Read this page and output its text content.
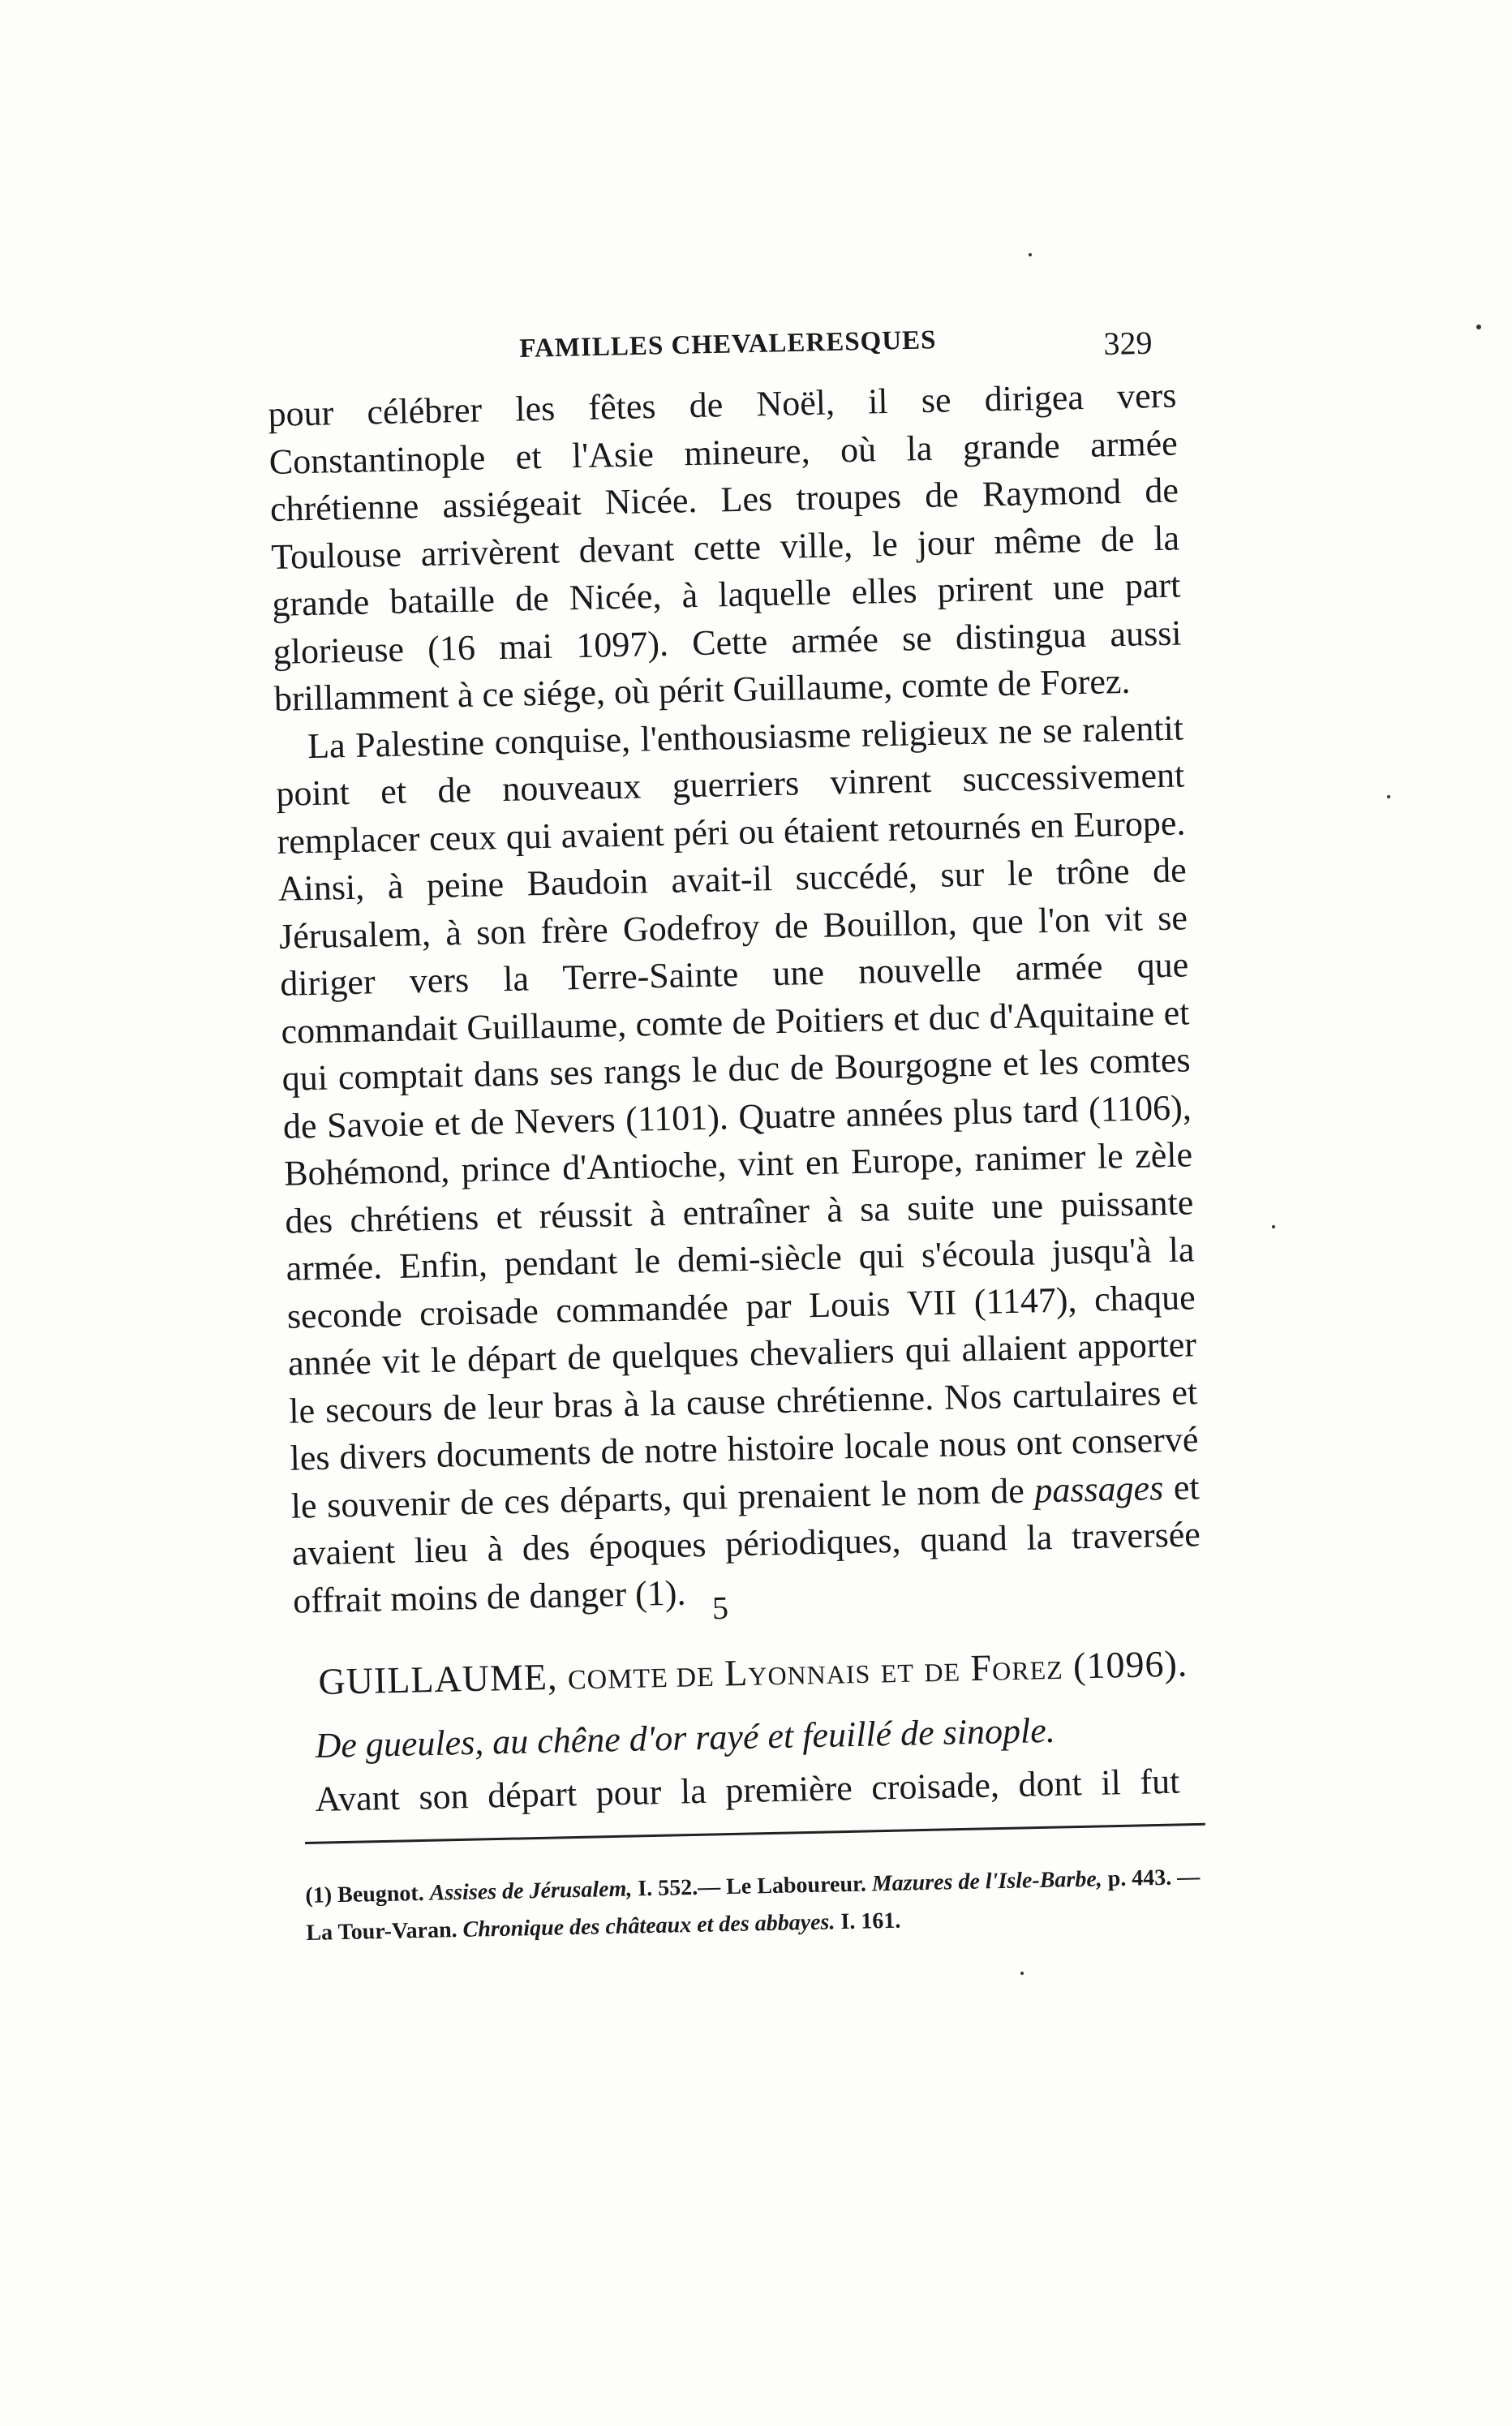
FAMILLES CHEVALERESQUES	329

pour célébrer les fêtes de Noël, il se dirigea vers Constantinople et l'Asie mineure, où la grande armée chrétienne assiégeait Nicée. Les troupes de Raymond de Toulouse arrivèrent devant cette ville, le jour même de la grande bataille de Nicée, à laquelle elles prirent une part glorieuse (16 mai 1097). Cette armée se distingua aussi brillamment à ce siége, où périt Guillaume, comte de Forez.

La Palestine conquise, l'enthousiasme religieux ne se ralentit point et de nouveaux guerriers vinrent successivement remplacer ceux qui avaient péri ou étaient retournés en Europe. Ainsi, à peine Baudoin avait-il succédé, sur le trône de Jérusalem, à son frère Godefroy de Bouillon, que l'on vit se diriger vers la Terre-Sainte une nouvelle armée que commandait Guillaume, comte de Poitiers et duc d'Aquitaine et qui comptait dans ses rangs le duc de Bourgogne et les comtes de Savoie et de Nevers (1101). Quatre années plus tard (1106), Bohémond, prince d'Antioche, vint en Europe, ranimer le zèle des chrétiens et réussit à entraîner à sa suite une puissante armée. Enfin, pendant le demi-siècle qui s'écoula jusqu'à la seconde croisade commandée par Louis VII (1147), chaque année vit le départ de quelques chevaliers qui allaient apporter le secours de leur bras à la cause chrétienne. Nos cartulaires et les divers documents de notre histoire locale nous ont conservé le souvenir de ces départs, qui prenaient le nom de passages et avaient lieu à des époques périodiques, quand la traversée offrait moins de danger (1). 5
GUILLAUME, COMTE DE Lyonnais et de Forez (1096).
De gueules, au chêne d'or rayé et feuillé de sinople.
Avant son départ pour la première croisade, dont il fut
(1) Beugnot. Assises de Jérusalem, I. 552.— Le Laboureur. Mazures de l'Isle-Barbe, p. 443. — La Tour-Varan. Chronique des châteaux et des abbayes. I. 161.
